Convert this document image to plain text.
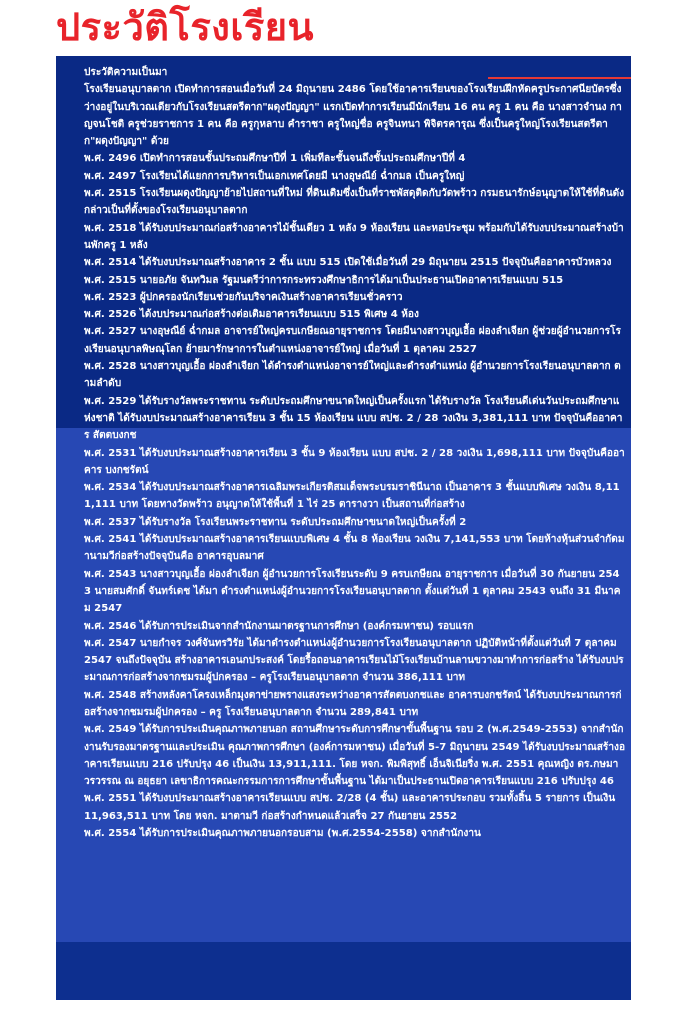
ประวัติโรงเรียน

ประวัติความเป็นมา

โรงเรียนอนุบาลตาก เปิดทำการสอนเมื่อวันที่ 24 มิถุนายน 2486 โดยใช้อาคารเรียนของโรงเรียนฝึกหัดครูประกาศนียบัตรซึ่งว่างอยู่ในบริเวณเดียวกับโรงเรียนสตรีตาก"ผดุงปัญญา" แรกเปิดทำการเรียนมีนักเรียน 16 คน ครู 1 คน คือ นางสาวจำนง กาญจนโชติ ครูช่วยราชการ 1 คน คือ ครูกุหลาบ คำราชา ครูใหญ่ชื่อ ครูจินทนา พิจิตรคารุณ ซึ่งเป็นครูใหญ่โรงเรียนสตรีตาก"ผดุงปัญญา" ด้วย

พ.ศ. 2496 เปิดทำการสอนชั้นประถมศึกษาปีที่ 1 เพิ่มทีละชั้นจนถึงชั้นประถมศึกษาปีที่ 4

พ.ศ. 2497 โรงเรียนได้แยกการบริหารเป็นเอกเทศโดยมี นางอุษณีย์ ฉ่ำกมล เป็นครูใหญ่

พ.ศ. 2515 โรงเรียนผดุงปัญญาย้ายไปสถานที่ใหม่ ที่ดินเดิมซึ่งเป็นที่ราชพัสดุติดกับวัดพร้าว กรมธนารักษ์อนุญาตให้ใช้ที่ดินดังกล่าวเป็นที่ตั้งของโรงเรียนอนุบาลตาก

พ.ศ. 2518 ได้รับงบประมาณก่อสร้างอาคารไม้ชั้นเดียว 1 หลัง 9 ห้องเรียน และหอประชุม พร้อมกับได้รับงบประมาณสร้างบ้านพักครู 1 หลัง

พ.ศ. 2514 ได้รับงบประมาณสร้างอาคาร 2 ชั้น แบบ 515 เปิดใช้เมื่อวันที่ 29 มิถุนายน 2515 ปัจจุบันคืออาคารบัวหลวง

พ.ศ. 2515 นายอภัย จันทวิมล รัฐมนตรีว่าการกระทรวงศึกษาธิการได้มาเป็นประธานเปิดอาคารเรียนแบบ 515

พ.ศ. 2523 ผู้ปกครองนักเรียนช่วยกันบริจาคเงินสร้างอาคารเรียนชั่วคราว

พ.ศ. 2526 ได้งบประมาณก่อสร้างต่อเติมอาคารเรียนแบบ 515 พิเศษ 4 ห้อง

พ.ศ. 2527 นางอุษณีย์ ฉ่ำกมล อาจารย์ใหญ่ครบเกษียณอายุราชการ โดยมีนางสาวบุญเอื้อ ผ่องลำเจียก ผู้ช่วยผู้อำนวยการโรงเรียนอนุบาลพิษณุโลก ย้ายมารักษาการในตำแหน่งอาจารย์ใหญ่ เมื่อวันที่ 1 ตุลาคม 2527

พ.ศ. 2528 นางสาวบุญเอื้อ ผ่องลำเจียก ได้ดำรงตำแหน่งอาจารย์ใหญ่และดำรงตำแหน่ง ผู้อำนวยการโรงเรียนอนุบาลตาก ตามลำดับ

พ.ศ. 2529 ได้รับรางวัลพระราชทาน ระดับประถมศึกษาขนาดใหญ่เป็นครั้งแรก ได้รับรางวัล โรงเรียนดีเด่นวันประถมศึกษาแห่งชาติ ได้รับงบประมาณสร้างอาคารเรียน 3 ชั้น 15 ห้องเรียน แบบ สปช. 2 / 28 วงเงิน 3,381,111 บาท ปัจจุบันคืออาคาร สัตตบงกช

พ.ศ. 2531 ได้รับงบประมาณสร้างอาคารเรียน 3 ชั้น 9 ห้องเรียน แบบ สปช. 2 / 28 วงเงิน 1,698,111 บาท ปัจจุบันคืออาคาร บงกชรัตน์

พ.ศ. 2534 ได้รับงบประมาณสร้างอาคารเฉลิมพระเกียรติสมเด็จพระบรมราชินีนาถ เป็นอาคาร 3 ชั้นแบบพิเศษ วงเงิน 8,111,111 บาท โดยทางวัดพร้าว อนุญาตให้ใช้พื้นที่ 1 ไร่ 25 ตารางวา เป็นสถานที่ก่อสร้าง

พ.ศ. 2537 ได้รับรางวัล โรงเรียนพระราชทาน ระดับประถมศึกษาขนาดใหญ่เป็นครั้งที่ 2

พ.ศ. 2541 ได้รับงบประมาณสร้างอาคารเรียนแบบพิเศษ 4 ชั้น 8 ห้องเรียน วงเงิน 7,141,553 บาท โดยห้างหุ้นส่วนจำกัดมานามวีก่อสร้างปัจจุบันคือ อาคารอุบลมาศ

พ.ศ. 2543 นางสาวบุญเอื้อ ผ่องลำเจียก ผู้อำนวยการโรงเรียนระดับ 9 ครบเกษียณ อายุราชการ เมื่อวันที่ 30 กันยายน 2543 นายสมศักดิ์ จันทร์เดช ได้มา ดำรงตำแหน่งผู้อำนวยการโรงเรียนอนุบาลตาก ตั้งแต่วันที่ 1 ตุลาคม 2543 จนถึง 31 มีนาคม 2547

พ.ศ. 2546 ได้รับการประเมินจากสำนักงานมาตรฐานการศึกษา (องค์กรมหาชน) รอบแรก

พ.ศ. 2547 นายกำจร วงศ์จันทรวิรัย ได้มาดำรงตำแหน่งผู้อำนวยการโรงเรียนอนุบาลตาก ปฏิบัติหน้าที่ตั้งแต่วันที่ 7 ตุลาคม 2547 จนถึงปัจจุบัน สร้างอาคารเอนกประสงค์ โดยรื้อถอนอาคารเรียนไม้โรงเรียนบ้านลานขวางมาทำการก่อสร้าง ได้รับงบประมาณการก่อสร้างจากชมรมผู้ปกครอง – ครูโรงเรียนอนุบาลตาก จำนวน 386,111 บาท

พ.ศ. 2548 สร้างหลังคาโครงเหล็กมุงตาข่ายพรางแสงระหว่างอาคารสัตตบงกชและ อาคารบงกชรัตน์ ได้รับงบประมาณการก่อสร้างจากชมรมผู้ปกครอง – ครู โรงเรียนอนุบาลตาก จำนวน 289,841 บาท

พ.ศ. 2549 ได้รับการประเมินคุณภาพภายนอก สถานศึกษาระดับการศึกษาขั้นพื้นฐาน รอบ 2 (พ.ศ.2549-2553) จากสำนักงานรับรองมาตรฐานและประเมิน คุณภาพการศึกษา (องค์การมหาชน) เมื่อวันที่ 5-7 มิถุนายน 2549 ได้รับงบประมาณสร้างอาคารเรียนแบบ 216 ปรับปรุง 46 เป็นเงิน 13,911,111. โดย หจก. พิมพิสุทธิ์ เอ็นจิเนียริ่ง พ.ศ. 2551 คุณหญิง ดร.กษมา วรวรรณ ณ อยุธยา เลขาธิการคณะกรรมการการศึกษาขั้นพื้นฐาน ได้มาเป็นประธานเปิดอาคารเรียนแบบ 216 ปรับปรุง 46

พ.ศ. 2551 ได้รับงบประมาณสร้างอาคารเรียนแบบ สปช. 2/28 (4 ชั้น) และอาคารประกอบ รวมทั้งสิ้น 5 รายการ เป็นเงิน 11,963,511 บาท โดย หจก. มาตามวี ก่อสร้างกำหนดแล้วเสร็จ 27 กันยายน 2552

พ.ศ. 2554 ได้รับการประเมินคุณภาพภายนอกรอบสาม (พ.ศ.2554-2558) จากสำนักงาน
